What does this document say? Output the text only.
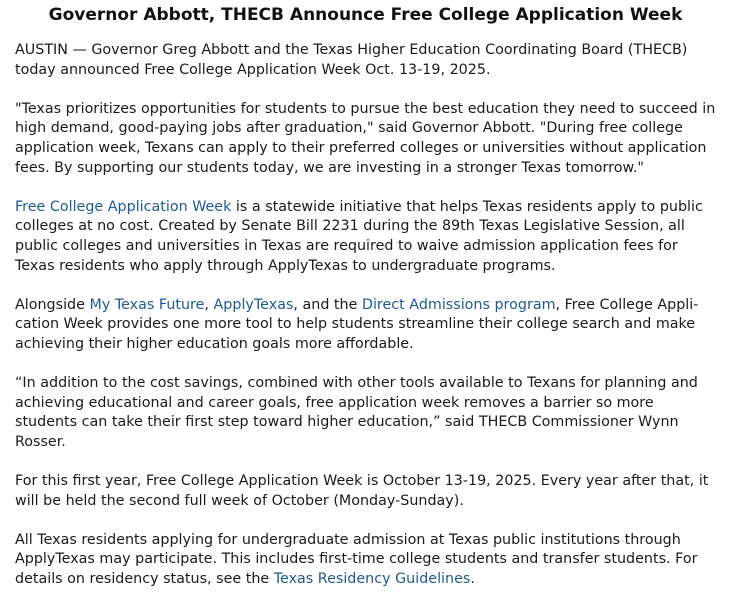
Governor Abbott, THECB Announce Free College Application Week

AUSTIN — Governor Greg Abbott and the Texas Higher Education Coordinating Board (THECB) today announced Free College Application Week Oct. 13-19, 2025.

"Texas prioritizes opportunities for students to pursue the best education they need to succeed in high demand, good-paying jobs after graduation," said Governor Abbott. "During free college application week, Texans can apply to their preferred colleges or universities without application fees. By supporting our students today, we are investing in a stronger Texas tomorrow."

Free College Application Week is a statewide initiative that helps Texas residents apply to public colleges at no cost. Created by Senate Bill 2231 during the 89th Texas Legislative Session, all public colleges and universities in Texas are required to waive admission application fees for Texas residents who apply through ApplyTexas to undergraduate programs.

Alongside My Texas Future, ApplyTexas, and the Direct Admissions program, Free College Application Week provides one more tool to help students streamline their college search and make achieving their higher education goals more affordable.

“In addition to the cost savings, combined with other tools available to Texans for planning and achieving educational and career goals, free application week removes a barrier so more students can take their first step toward higher education,” said THECB Commissioner Wynn Rosser.

For this first year, Free College Application Week is October 13-19, 2025. Every year after that, it will be held the second full week of October (Monday-Sunday).

All Texas residents applying for undergraduate admission at Texas public institutions through ApplyTexas may participate. This includes first-time college students and transfer students. For details on residency status, see the Texas Residency Guidelines.
